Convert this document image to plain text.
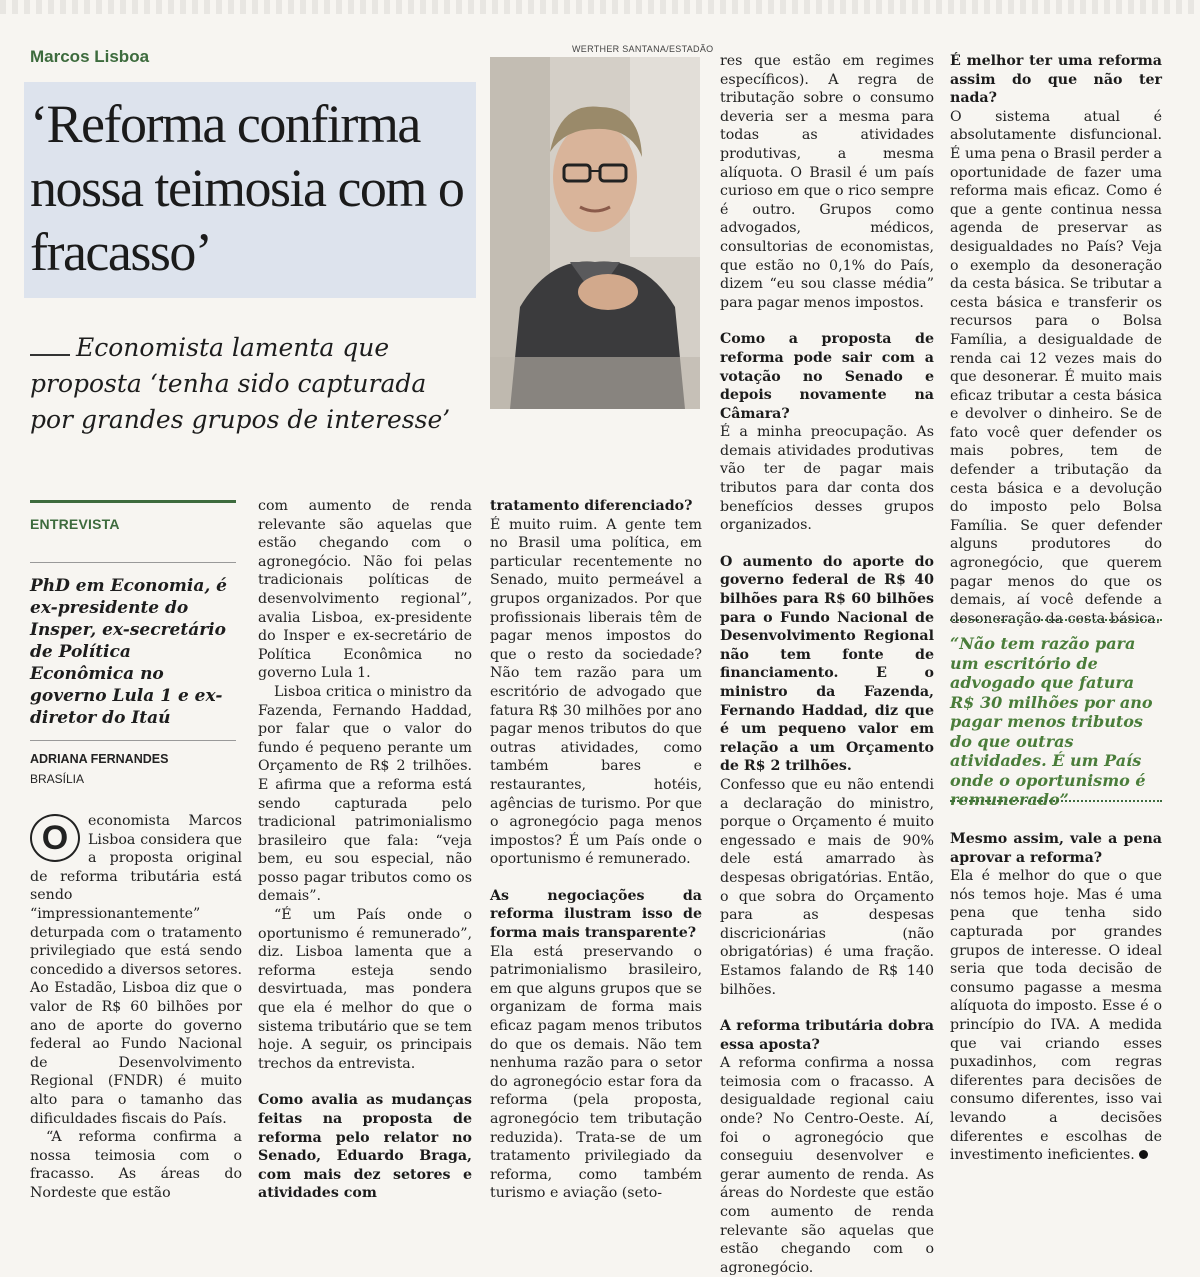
Marcos Lisboa
‘Reforma confirma nossa teimosia com o fracasso’

Economista lamenta que proposta ‘tenha sido capturada por grandes grupos de interesse’

WERTHER SANTANA/ESTADÃO
ENTREVISTA

PhD em Economia, é ex-presidente do Insper, ex-secretário de Política Econômica no governo Lula 1 e ex-diretor do Itaú

ADRIANA FERNANDES
BRASÍLIA

O	economista Marcos Lisboa considera que a proposta original de reforma tributária está sendo “impressionantemente” deturpada com o tratamento privilegiado que está sendo concedido a diversos setores. Ao Estadão, Lisboa diz que o valor de R$ 60 bilhões por ano de aporte do governo federal ao Fundo Nacional de Desenvolvimento Regional (FNDR) é muito alto para o tamanho das dificuldades fiscais do País.

“A reforma confirma a nossa teimosia com o fracasso. As áreas do Nordeste que estão

com aumento de renda relevante são aquelas que estão chegando com o agronegócio. Não foi pelas tradicionais políticas de desenvolvimento regional”, avalia Lisboa, ex-presidente do Insper e ex-secretário de Política Econômica no governo Lula 1.

Lisboa critica o ministro da Fazenda, Fernando Haddad, por falar que o valor do fundo é pequeno perante um Orçamento de R$ 2 trilhões. E afirma que a reforma está sendo capturada pelo tradicional patrimonialismo brasileiro que fala: “veja bem, eu sou especial, não posso pagar tributos como os demais”.

“É um País onde o oportunismo é remunerado”, diz. Lisboa lamenta que a reforma esteja sendo desvirtuada, mas pondera que ela é melhor do que o sistema tributário que se tem hoje. A seguir, os principais trechos da entrevista.

Como avalia as mudanças feitas na proposta de reforma pelo relator no Senado, Eduardo Braga, com mais dez setores e atividades com

tratamento diferenciado?

É muito ruim. A gente tem no Brasil uma política, em particular recentemente no Senado, muito permeável a grupos organizados. Por que profissionais liberais têm de pagar menos impostos do que o resto da sociedade? Não tem razão para um escritório de advogado que fatura R$ 30 milhões por ano pagar menos tributos do que outras atividades, como também bares e restaurantes, hotéis, agências de turismo. Por que o agronegócio paga menos impostos? É um País onde o oportunismo é remunerado.

As negociações da reforma ilustram isso de forma mais transparente?

Ela está preservando o patrimonialismo brasileiro, em que alguns grupos que se organizam de forma mais eficaz pagam menos tributos do que os demais. Não tem nenhuma razão para o setor do agronegócio estar fora da reforma (pela proposta, agronegócio tem tributação reduzida). Trata-se de um tratamento privilegiado da reforma, como também turismo e aviação (seto-

res que estão em regimes específicos). A regra de tributação sobre o consumo deveria ser a mesma para todas as atividades produtivas, a mesma alíquota. O Brasil é um país curioso em que o rico sempre é outro. Grupos como advogados, médicos, consultorias de economistas, que estão no 0,1% do País, dizem “eu sou classe média” para pagar menos impostos.

Como a proposta de reforma pode sair com a votação no Senado e depois novamente na Câmara?

É a minha preocupação. As demais atividades produtivas vão ter de pagar mais tributos para dar conta dos benefícios desses grupos organizados.

O aumento do aporte do governo federal de R$ 40 bilhões para R$ 60 bilhões para o Fundo Nacional de Desenvolvimento Regional não tem fonte de financiamento. E o ministro da Fazenda, Fernando Haddad, diz que é um pequeno valor em relação a um Orçamento de R$ 2 trilhões.

Confesso que eu não entendi a declaração do ministro, porque o Orçamento é muito engessado e mais de 90% dele está amarrado às despesas obrigatórias. Então, o que sobra do Orçamento para as despesas discricionárias (não obrigatórias) é uma fração. Estamos falando de R$ 140 bilhões.

A reforma tributária dobra essa aposta?

A reforma confirma a nossa teimosia com o fracasso. A desigualdade regional caiu onde? No Centro-Oeste. Aí, foi o agronegócio que conseguiu desenvolver e gerar aumento de renda. As áreas do Nordeste que estão com aumento de renda relevante são aquelas que estão chegando com o agronegócio.

É melhor ter uma reforma assim do que não ter nada?

O sistema atual é absolutamente disfuncional. É uma pena o Brasil perder a oportunidade de fazer uma reforma mais eficaz. Como é que a gente continua nessa agenda de preservar as desigualdades no País? Veja o exemplo da desoneração da cesta básica. Se tributar a cesta básica e transferir os recursos para o Bolsa Família, a desigualdade de renda cai 12 vezes mais do que desonerar. É muito mais eficaz tributar a cesta básica e devolver o dinheiro. Se de fato você quer defender os mais pobres, tem de defender a tributação da cesta básica e a devolução do imposto pelo Bolsa Família. Se quer defender alguns produtores do agronegócio, que querem pagar menos do que os demais, aí você defende a desoneração da cesta básica.

“Não tem razão para um escritório de advogado que fatura R$ 30 milhões por ano pagar menos tributos do que outras atividades. É um País onde o oportunismo é remunerado”

Mesmo assim, vale a pena aprovar a reforma?

Ela é melhor do que o que nós temos hoje. Mas é uma pena que tenha sido capturada por grandes grupos de interesse. O ideal seria que toda decisão de consumo pagasse a mesma alíquota do imposto. Esse é o princípio do IVA. A medida que vai criando esses puxadinhos, com regras diferentes para decisões de consumo diferentes, isso vai levando a decisões diferentes e escolhas de investimento ineficientes.
